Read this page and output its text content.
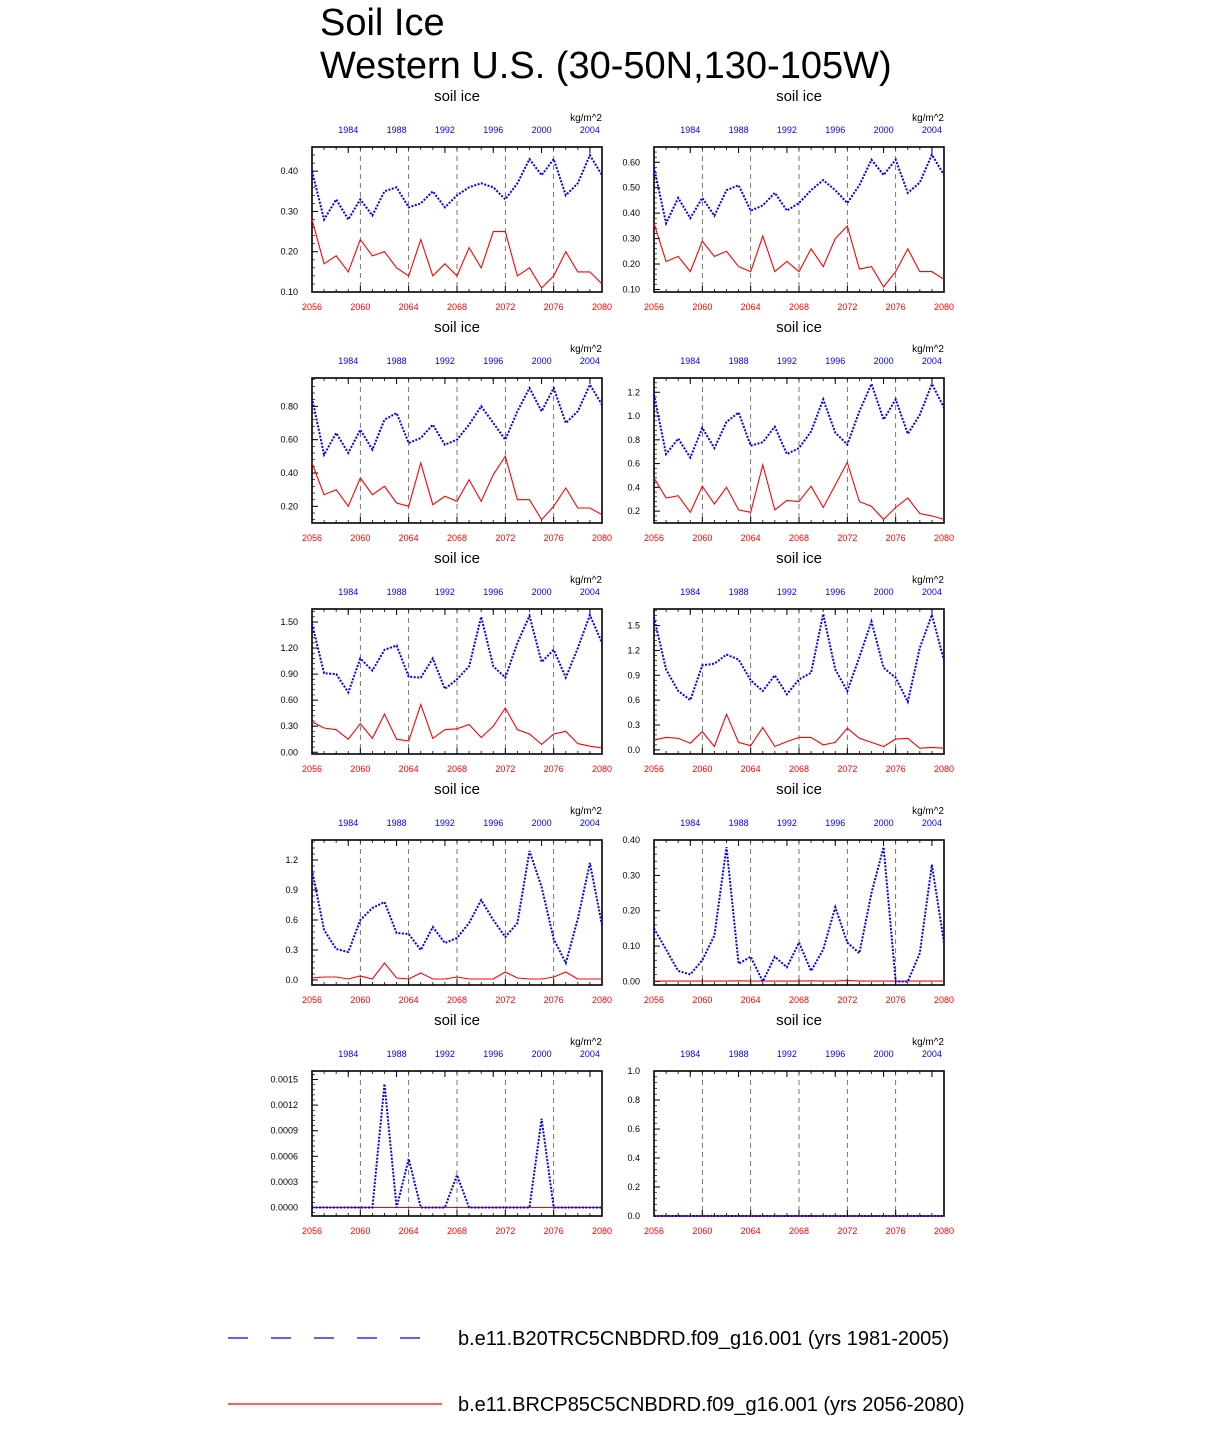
Soil Ice
Western U.S. (30-50N,130-105W)
soil ice
kg/m^2
2056	2060	2064	2068	2072	2076	2080
1984	1988	1992	1996	2000	2004
0.10
0.20
0.30
0.40
soil ice
kg/m^2
2056	2060	2064	2068	2072	2076	2080
1984	1988	1992	1996	2000	2004
0.10
0.20
0.30
0.40
0.50
0.60
soil ice
kg/m^2
2056	2060	2064	2068	2072	2076	2080
1984	1988	1992	1996	2000	2004
0.20
0.40
0.60
0.80
soil ice
kg/m^2
2056	2060	2064	2068	2072	2076	2080
1984	1988	1992	1996	2000	2004
0.2
0.4
0.6
0.8
1.0
1.2
soil ice
kg/m^2
2056	2060	2064	2068	2072	2076	2080
1984	1988	1992	1996	2000	2004
0.00
0.30
0.60
0.90
1.20
1.50
soil ice
kg/m^2
2056	2060	2064	2068	2072	2076	2080
1984	1988	1992	1996	2000	2004
0.0
0.3
0.6
0.9
1.2
1.5
soil ice
kg/m^2
2056	2060	2064	2068	2072	2076	2080
1984	1988	1992	1996	2000	2004
0.0
0.3
0.6
0.9
1.2
soil ice
kg/m^2
2056	2060	2064	2068	2072	2076	2080
1984	1988	1992	1996	2000	2004
0.00
0.10
0.20
0.30
0.40
soil ice
kg/m^2
2056	2060	2064	2068	2072	2076	2080
1984	1988	1992	1996	2000	2004
0.0000
0.0003
0.0006
0.0009
0.0012
0.0015
soil ice
kg/m^2
2056	2060	2064	2068	2072	2076	2080
1984	1988	1992	1996	2000	2004
0.0
0.2
0.4
0.6
0.8
1.0
b.e11.B20TRC5CNBDRD.f09_g16.001 (yrs 1981-2005)
b.e11.BRCP85C5CNBDRD.f09_g16.001 (yrs 2056-2080)
